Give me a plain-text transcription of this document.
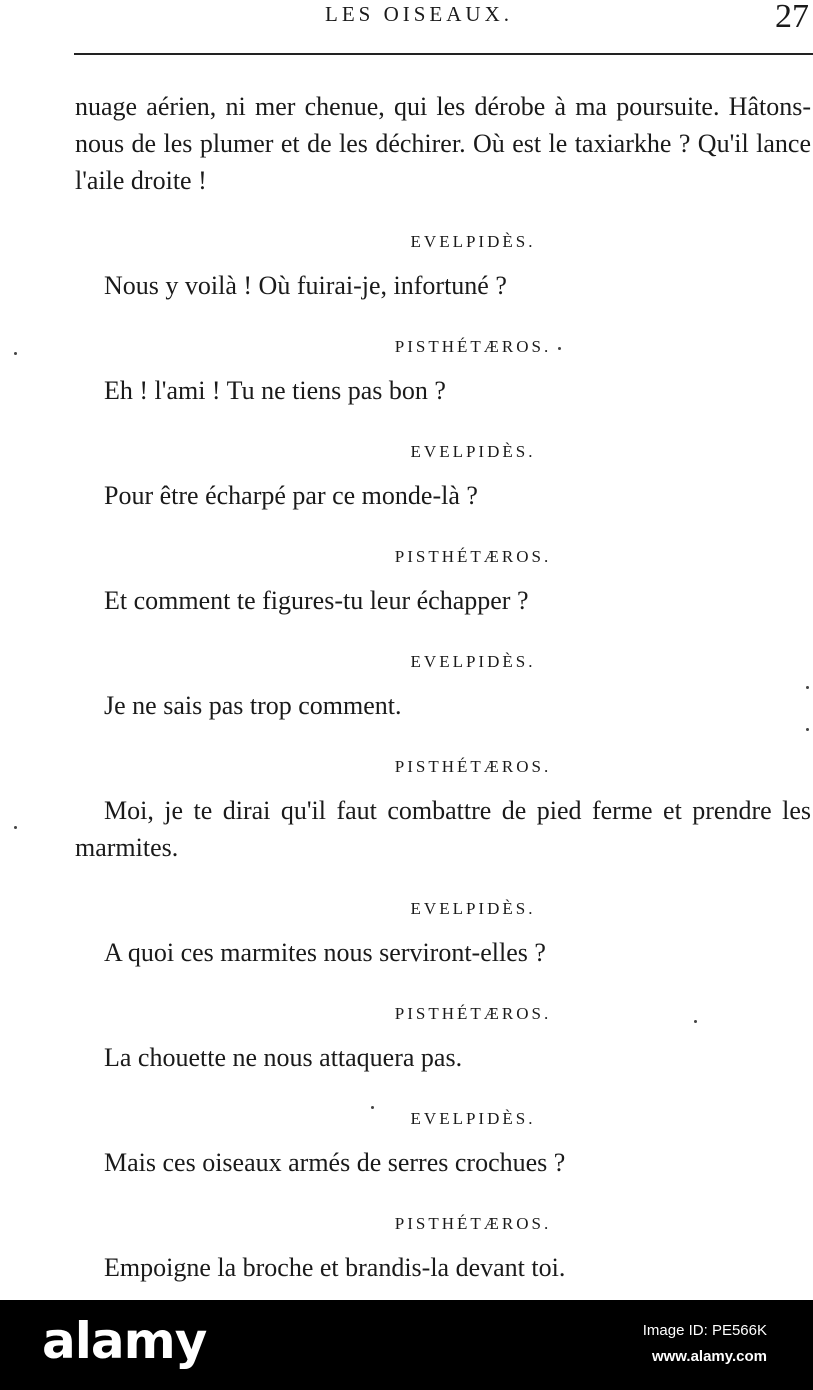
LES OISEAUX.	27

nuage aérien, ni mer chenue, qui les dérobe à ma poursuite. Hâtons-nous de les plumer et de les déchirer. Où est le taxiarkhe ? Qu'il lance l'aile droite !

EVELPIDÈS.

Nous y voilà ! Où fuirai-je, infortuné ?

PISTHÉTÆROS.

Eh ! l'ami ! Tu ne tiens pas bon ?

EVELPIDÈS.

Pour être écharpé par ce monde-là ?

PISTHÉTÆROS.

Et comment te figures-tu leur échapper ?

EVELPIDÈS.

Je ne sais pas trop comment.

PISTHÉTÆROS.

Moi, je te dirai qu'il faut combattre de pied ferme et prendre les marmites.

EVELPIDÈS.

A quoi ces marmites nous serviront-elles ?

PISTHÉTÆROS.

La chouette ne nous attaquera pas.

EVELPIDÈS.

Mais ces oiseaux armés de serres crochues ?

PISTHÉTÆROS.

Empoigne la broche et brandis-la devant toi.

alamy	Image ID: PE566K
www.alamy.com
